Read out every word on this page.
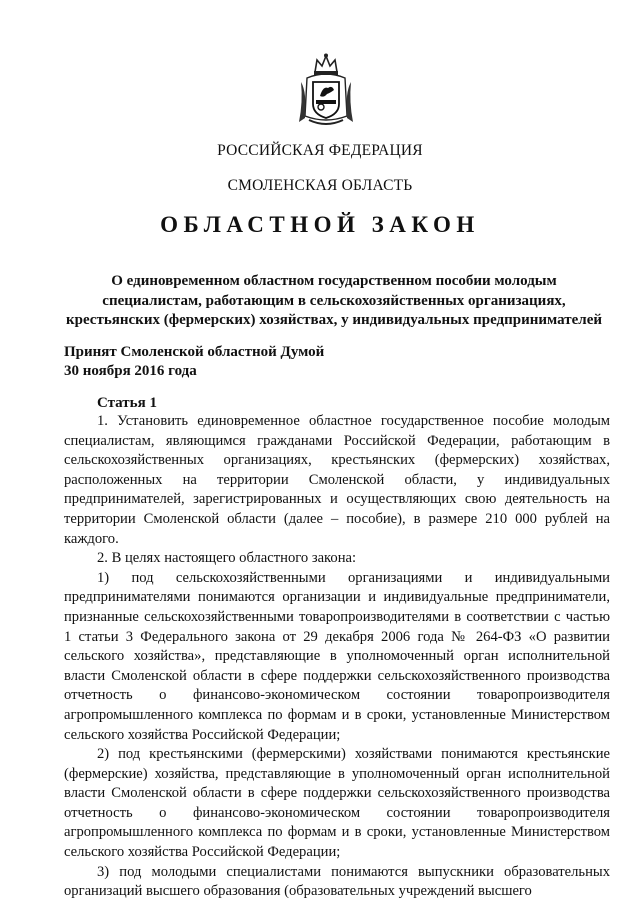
РОССИЙСКАЯ ФЕДЕРАЦИЯ
СМОЛЕНСКАЯ ОБЛАСТЬ
ОБЛАСТНОЙ ЗАКОН
О единовременном областном государственном пособии молодым
специалистам, работающим в сельскохозяйственных организациях,
крестьянских (фермерских) хозяйствах, у индивидуальных предпринимателей
Принят Смоленской областной Думой
30 ноября 2016 года
Статья 1

1. Установить единовременное областное государственное пособие молодым специалистам, являющимся гражданами Российской Федерации, работающим в сельскохозяйственных организациях, крестьянских (фермерских) хозяйствах, расположенных на территории Смоленской области, у индивидуальных предпринимателей, зарегистрированных и осуществляющих свою деятельность на территории Смоленской области (далее – пособие), в размере 210 000 рублей на каждого.

2. В целях настоящего областного закона:

1) под сельскохозяйственными организациями и индивидуальными предпринимателями понимаются организации и индивидуальные предприниматели, признанные сельскохозяйственными товаропроизводителями в соответствии с частью 1 статьи 3 Федерального закона от 29 декабря 2006 года № 264-ФЗ «О развитии сельского хозяйства», представляющие в уполномоченный орган исполнительной власти Смоленской области в сфере поддержки сельскохозяйственного производства отчетность о финансово-экономическом состоянии товаропроизводителя агропромышленного комплекса по формам и в сроки, установленные Министерством сельского хозяйства Российской Федерации;

2) под крестьянскими (фермерскими) хозяйствами понимаются крестьянские (фермерские) хозяйства, представляющие в уполномоченный орган исполнительной власти Смоленской области в сфере поддержки сельскохозяйственного производства отчетность о финансово-экономическом состоянии товаропроизводителя агропромышленного комплекса по формам и в сроки, установленные Министерством сельского хозяйства Российской Федерации;

3) под молодыми специалистами понимаются выпускники образовательных организаций высшего образования (образовательных учреждений высшего
